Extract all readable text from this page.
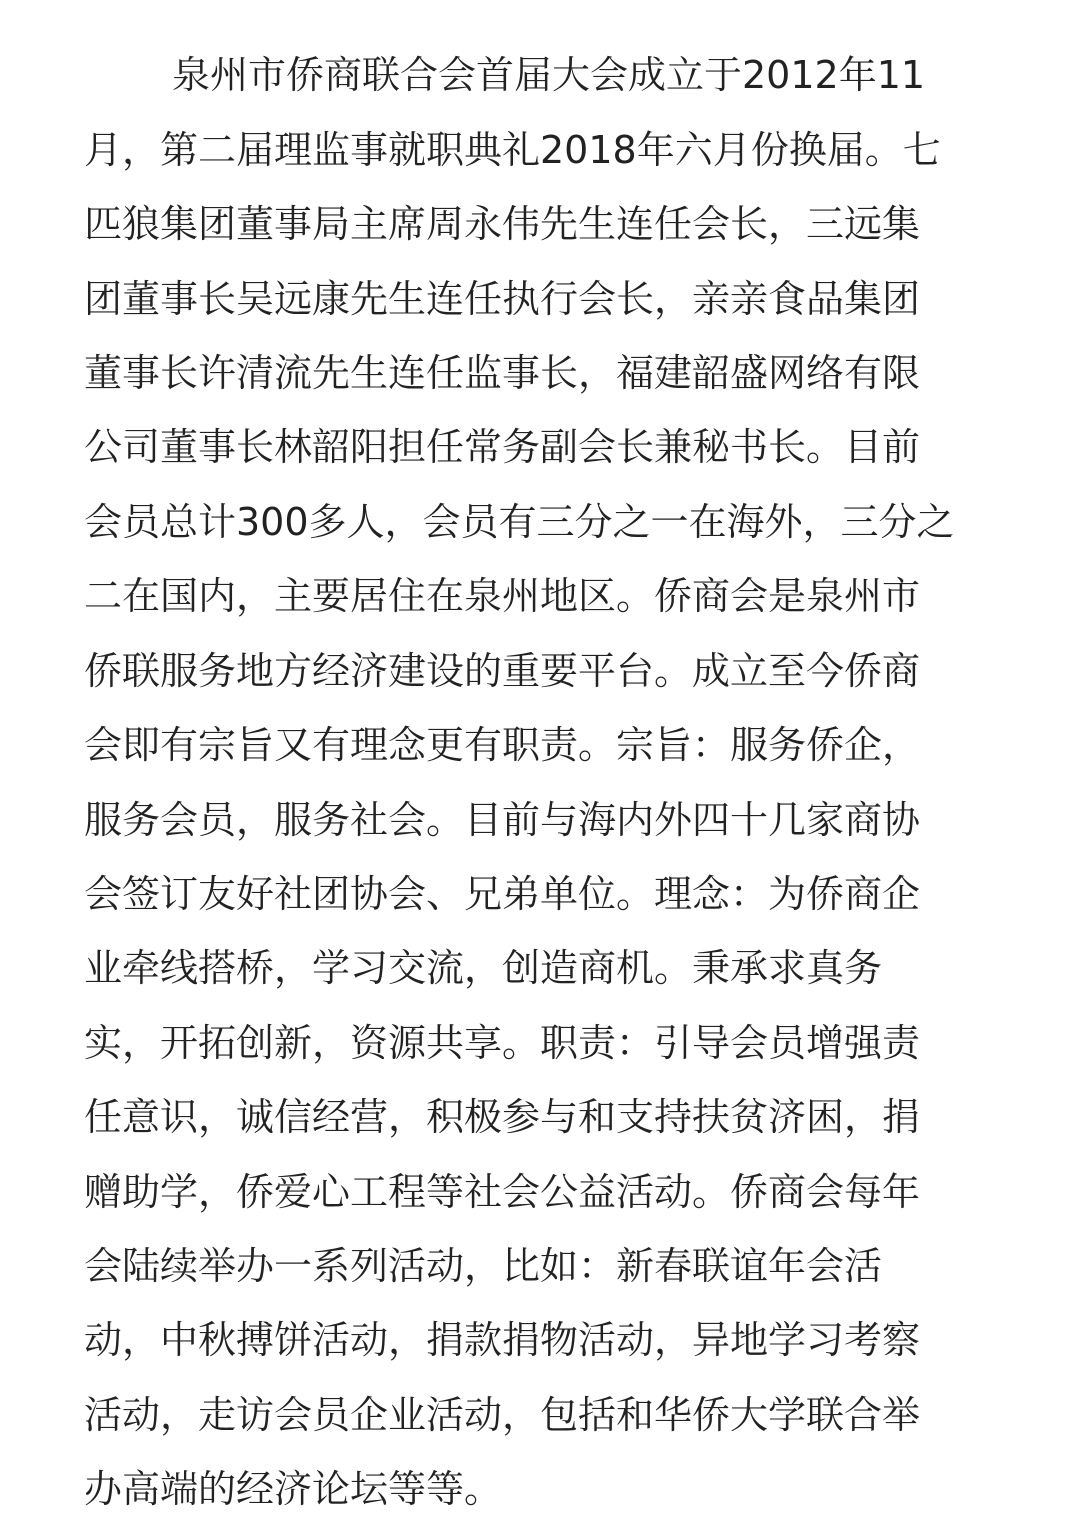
泉州市侨商联合会首届大会成立于2012年11
月，第二届理监事就职典礼2018年六月份换届。七
匹狼集团董事局主席周永伟先生连任会长，三远集
团董事长吴远康先生连任执行会长，亲亲食品集团
董事长许清流先生连任监事长，福建韶盛网络有限
公司董事长林韶阳担任常务副会长兼秘书长。目前
会员总计300多人，会员有三分之一在海外，三分之
二在国内，主要居住在泉州地区。侨商会是泉州市
侨联服务地方经济建设的重要平台。成立至今侨商
会即有宗旨又有理念更有职责。宗旨：服务侨企，
服务会员，服务社会。目前与海内外四十几家商协
会签订友好社团协会、兄弟单位。理念：为侨商企
业牵线搭桥，学习交流，创造商机。秉承求真务
实，开拓创新，资源共享。职责：引导会员增强责
任意识，诚信经营，积极参与和支持扶贫济困，捐
赠助学，侨爱心工程等社会公益活动。侨商会每年
会陆续举办一系列活动，比如：新春联谊年会活
动，中秋搏饼活动，捐款捐物活动，异地学习考察
活动，走访会员企业活动，包括和华侨大学联合举
办高端的经济论坛等等。
